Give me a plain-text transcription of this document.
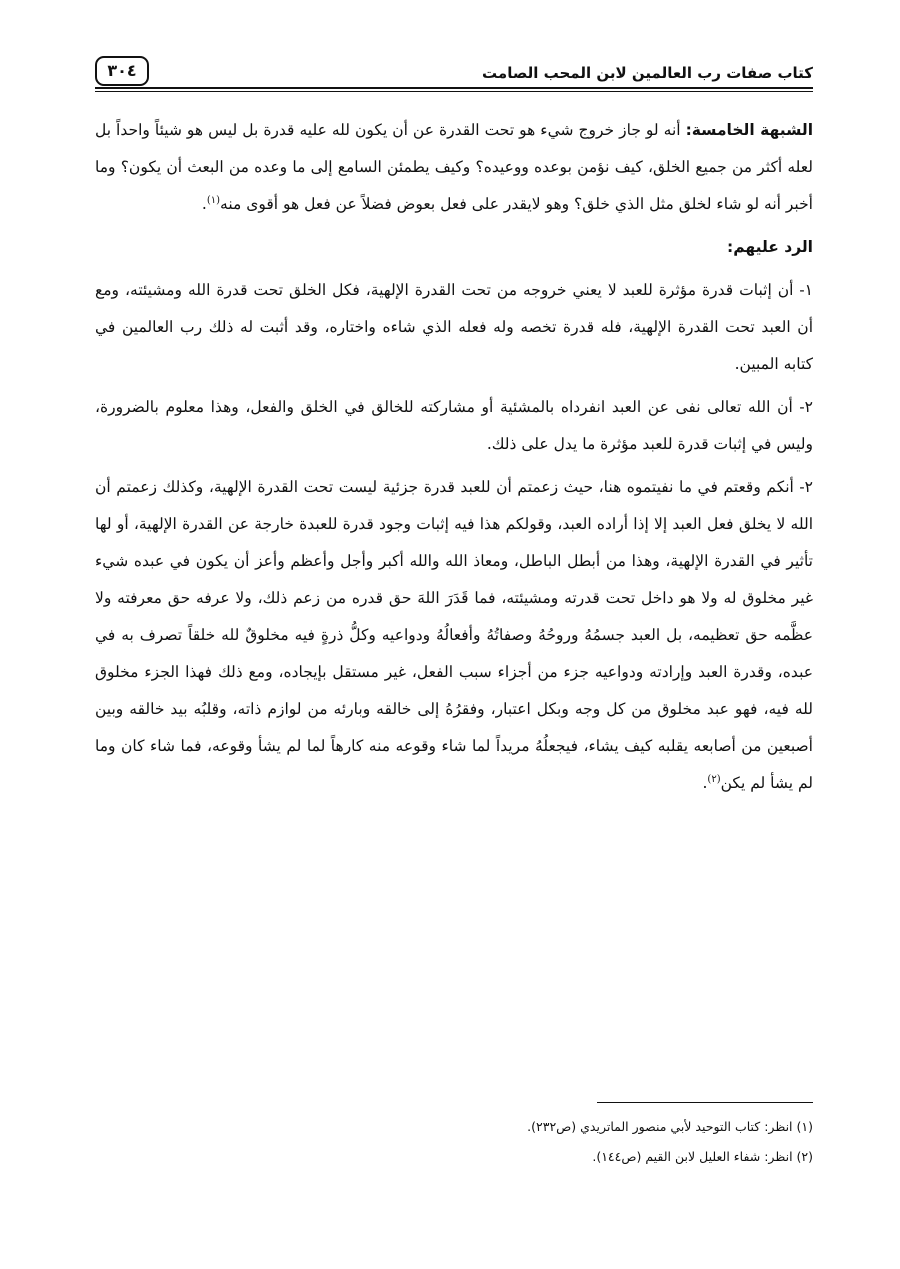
كتاب صفات رب العالمين لابن المحب الصامت
٣٠٤

الشبهة الخامسة: أنه لو جاز خروج شيء هو تحت القدرة عن أن يكون لله عليه قدرة بل ليس هو شيئاً واحداً بل لعله أكثر من جميع الخلق، كيف نؤمن بوعده ووعيده؟ وكيف يطمئن السامع إلى ما وعده من البعث أن يكون؟ وما أخبر أنه لو شاء لخلق مثل الذي خلق؟ وهو لايقدر على فعل بعوض فضلاً عن فعل هو أقوى منه$^{(١)}$.

الرد عليهم:

١- أن إثبات قدرة مؤثرة للعبد لا يعني خروجه من تحت القدرة الإلهية، فكل الخلق تحت قدرة الله ومشيئته، ومع أن العبد تحت القدرة الإلهية، فله قدرة تخصه وله فعله الذي شاءه واختاره، وقد أثبت له ذلك رب العالمين في كتابه المبين.

٢- أن الله تعالى نفى عن العبد انفرداه بالمشئية أو مشاركته للخالق في الخلق والفعل، وهذا معلوم بالضرورة، وليس في إثبات قدرة للعبد مؤثرة ما يدل على ذلك.

٢- أنكم وقعتم في ما نفيتموه هنا، حيث زعمتم أن للعبد قدرة جزئية ليست تحت القدرة الإلهية، وكذلك زعمتم أن الله لا يخلق فعل العبد إلا إذا أراده العبد، وقولكم هذا فيه إثبات وجود قدرة للعبدة خارجة عن القدرة الإلهية، أو لها تأثير في القدرة الإلهية، وهذا من أبطل الباطل، ومعاذ الله والله أكبر وأجل وأعظم وأعز أن يكون في عبده شيء غير مخلوق له ولا هو داخل تحت قدرته ومشيئته، فما قَدَرَ اللهَ حق قدره من زعم ذلك، ولا عرفه حق معرفته ولا عظَّمه حق تعظيمه، بل العبد جسمُهُ وروحُهُ وصفاتُهُ وأفعالُهُ ودواعيه وكلُّ ذرةٍ فيه مخلوقٌ لله خلقاً تصرف به في عبده، وقدرة العبد وإرادته ودواعيه جزء من أجزاء سبب الفعل، غير مستقل بإيجاده، ومع ذلك فهذا الجزء مخلوق لله فيه، فهو عبد مخلوق من كل وجه وبكل اعتبار، وفقرُهُ إلى خالقه وبارئه من لوازم ذاته، وقلبُه بيد خالقه وبين أصبعين من أصابعه يقلبه كيف يشاء، فيجعلُهُ مريداً لما شاء وقوعه منه كارهاً لما لم يشأ وقوعه، فما شاء كان وما لم يشأ لم يكن$^{(٢)}$.

(١) انظر: كتاب التوحيد لأبي منصور الماتريدي (ص٢٣٢).

(٢) انظر: شفاء العليل لابن القيم (ص١٤٤).
